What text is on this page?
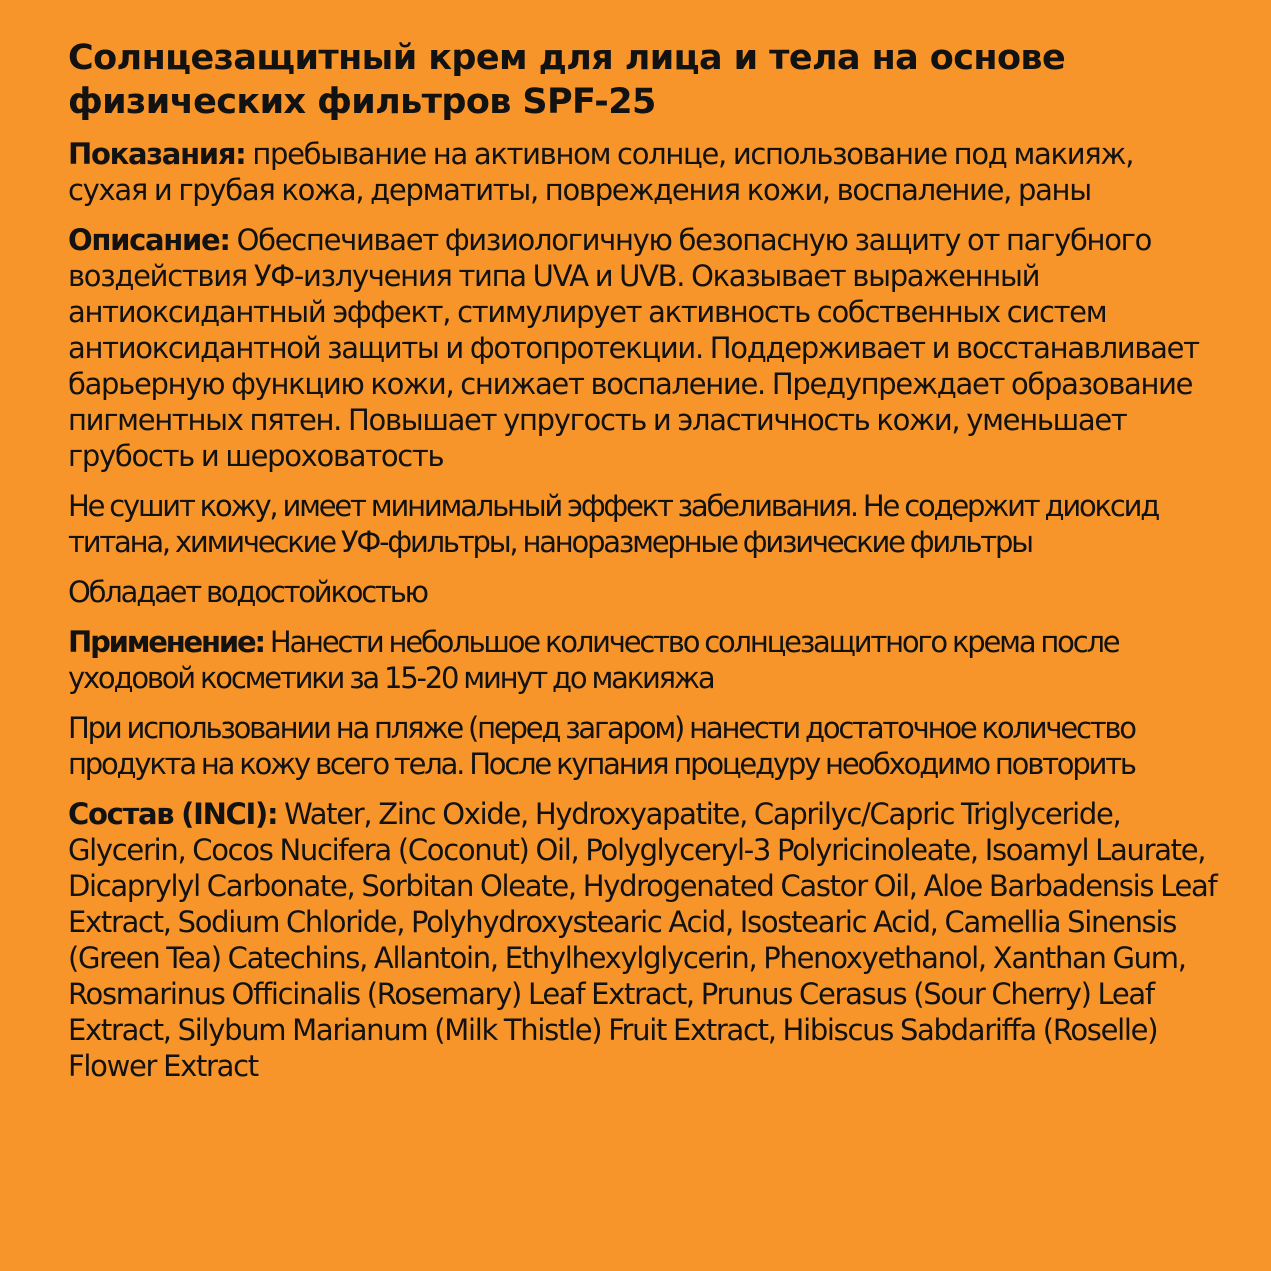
Солнцезащитный крем для лица и тела на основе физических фильтров SPF-25

Показания: пребывание на активном солнце, использование под макияж, сухая и грубая кожа, дерматиты, повреждения кожи, воспаление, раны

Описание: Обеспечивает физиологичную безопасную защиту от пагубного воздействия УФ-излучения типа UVA и UVB. Оказывает выраженный антиоксидантный эффект, стимулирует активность собственных систем антиоксидантной защиты и фотопротекции. Поддерживает и восстанавливает барьерную функцию кожи, снижает воспаление. Предупреждает образование пигментных пятен. Повышает упругость и эластичность кожи, уменьшает грубость и шероховатость

Не сушит кожу, имеет минимальный эффект забеливания. Не содержит диоксид титана, химические УФ-фильтры, наноразмерные физические фильтры

Обладает водостойкостью

Применение: Нанести небольшое количество солнцезащитного крема после уходовой косметики за 15-20 минут до макияжа

При использовании на пляже (перед загаром) нанести достаточное количество продукта на кожу всего тела. После купания процедуру необходимо повторить

Состав (INCI): Water, Zinc Oxide, Hydroxyapatite, Caprilyc/Capric Triglyceride, Glycerin, Cocos Nucifera (Coconut) Oil, Polyglyceryl-3 Polyricinoleate, Isoamyl Laurate, Dicaprylyl Carbonate, Sorbitan Oleate, Hydrogenated Castor Oil, Aloe Barbadensis Leaf Extract, Sodium Chloride, Polyhydroxystearic Acid, Isostearic Acid, Camellia Sinensis (Green Tea) Catechins, Allantoin, Ethylhexylglycerin, Phenoxyethanol, Xanthan Gum, Rosmarinus Officinalis (Rosemary) Leaf Extract, Prunus Cerasus (Sour Cherry) Leaf Extract, Silybum Marianum (Milk Thistle) Fruit Extract, Hibiscus Sabdariffa (Roselle) Flower Extract
